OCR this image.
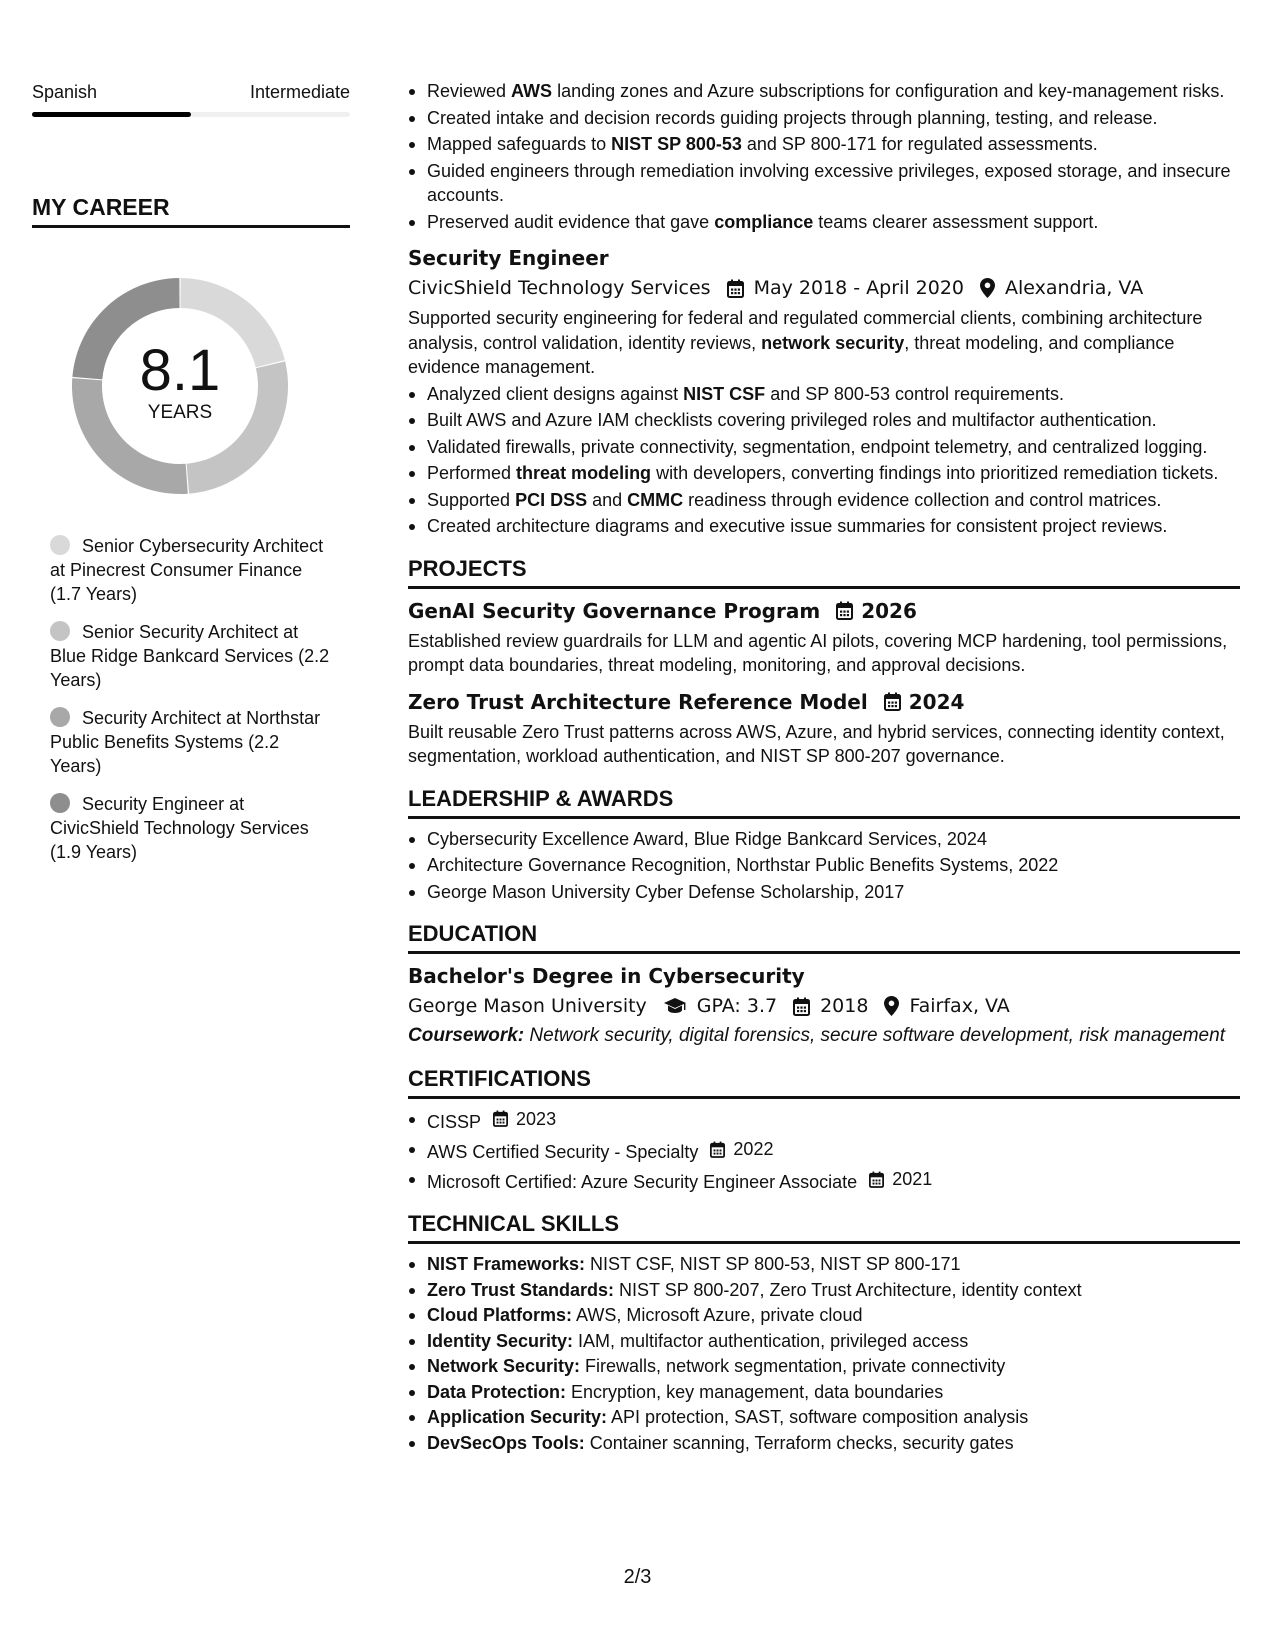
Spanish	Intermediate
MY CAREER
8.1
YEARS
Senior Cybersecurity Architect at Pinecrest Consumer Finance (1.7 Years)
Senior Security Architect at Blue Ridge Bankcard Services (2.2 Years)
Security Architect at Northstar Public Benefits Systems (2.2 Years)
Security Engineer at CivicShield Technology Services (1.9 Years)
Reviewed AWS landing zones and Azure subscriptions for configuration and key-management risks.
Created intake and decision records guiding projects through planning, testing, and release.
Mapped safeguards to NIST SP 800-53 and SP 800-171 for regulated assessments.
Guided engineers through remediation involving excessive privileges, exposed storage, and insecure accounts.
Preserved audit evidence that gave compliance teams clearer assessment support.
Security Engineer
CivicShield Technology Services May 2018 - April 2020 Alexandria, VA
Supported security engineering for federal and regulated commercial clients, combining architecture analysis, control validation, identity reviews, network security, threat modeling, and compliance evidence management.
Analyzed client designs against NIST CSF and SP 800-53 control requirements.
Built AWS and Azure IAM checklists covering privileged roles and multifactor authentication.
Validated firewalls, private connectivity, segmentation, endpoint telemetry, and centralized logging.
Performed threat modeling with developers, converting findings into prioritized remediation tickets.
Supported PCI DSS and CMMC readiness through evidence collection and control matrices.
Created architecture diagrams and executive issue summaries for consistent project reviews.
PROJECTS
GenAI Security Governance Program 2026
Established review guardrails for LLM and agentic AI pilots, covering MCP hardening, tool permissions, prompt data boundaries, threat modeling, monitoring, and approval decisions.
Zero Trust Architecture Reference Model 2024
Built reusable Zero Trust patterns across AWS, Azure, and hybrid services, connecting identity context, segmentation, workload authentication, and NIST SP 800-207 governance.
LEADERSHIP & AWARDS
Cybersecurity Excellence Award, Blue Ridge Bankcard Services, 2024
Architecture Governance Recognition, Northstar Public Benefits Systems, 2022
George Mason University Cyber Defense Scholarship, 2017
EDUCATION
Bachelor's Degree in Cybersecurity
George Mason University	GPA: 3.7 2018 Fairfax, VA
Coursework: Network security, digital forensics, secure software development, risk management
CERTIFICATIONS
CISSP 2023
AWS Certified Security - Specialty 2022
Microsoft Certified: Azure Security Engineer Associate 2021
TECHNICAL SKILLS
NIST Frameworks: NIST CSF, NIST SP 800-53, NIST SP 800-171
Zero Trust Standards: NIST SP 800-207, Zero Trust Architecture, identity context
Cloud Platforms: AWS, Microsoft Azure, private cloud
Identity Security: IAM, multifactor authentication, privileged access
Network Security: Firewalls, network segmentation, private connectivity
Data Protection: Encryption, key management, data boundaries
Application Security: API protection, SAST, software composition analysis
DevSecOps Tools: Container scanning, Terraform checks, security gates
2/3
